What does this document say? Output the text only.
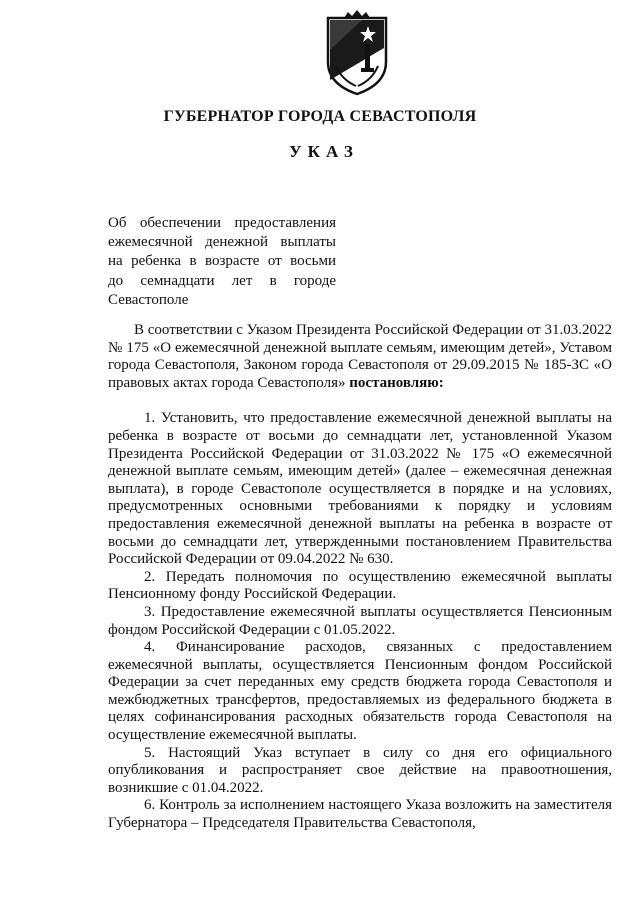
ГУБЕРНАТОР ГОРОДА СЕВАСТОПОЛЯ
УКАЗ
Об обеспечении предоставления
ежемесячной денежной выплаты
на ребенка в возрасте от восьми
до семнадцати лет в городе
Севастополе

В соответствии с Указом Президента Российской Федерации от 31.03.2022 № 175 «О ежемесячной денежной выплате семьям, имеющим детей», Уставом города Севастополя, Законом города Севастополя от 29.09.2015 № 185-ЗС «О правовых актах города Севастополя» постановляю:

1. Установить, что предоставление ежемесячной денежной выплаты на ребенка в возрасте от восьми до семнадцати лет, установленной Указом Президента Российской Федерации от 31.03.2022 № 175 «О ежемесячной денежной выплате семьям, имеющим детей» (далее – ежемесячная денежная выплата), в городе Севастополе осуществляется в порядке и на условиях, предусмотренных основными требованиями к порядку и условиям предоставления ежемесячной денежной выплаты на ребенка в возрасте от восьми до семнадцати лет, утвержденными постановлением Правительства Российской Федерации от 09.04.2022 № 630.

2. Передать полномочия по осуществлению ежемесячной выплаты Пенсионному фонду Российской Федерации.

3. Предоставление ежемесячной выплаты осуществляется Пенсионным фондом Российской Федерации с 01.05.2022.

4. Финансирование расходов, связанных с предоставлением ежемесячной выплаты, осуществляется Пенсионным фондом Российской Федерации за счет переданных ему средств бюджета города Севастополя и межбюджетных трансфертов, предоставляемых из федерального бюджета в целях софинансирования расходных обязательств города Севастополя на осуществление ежемесячной выплаты.

5. Настоящий Указ вступает в силу со дня его официального опубликования и распространяет свое действие на правоотношения, возникшие с 01.04.2022.

6. Контроль за исполнением настоящего Указа возложить на заместителя Губернатора – Председателя Правительства Севастополя,
